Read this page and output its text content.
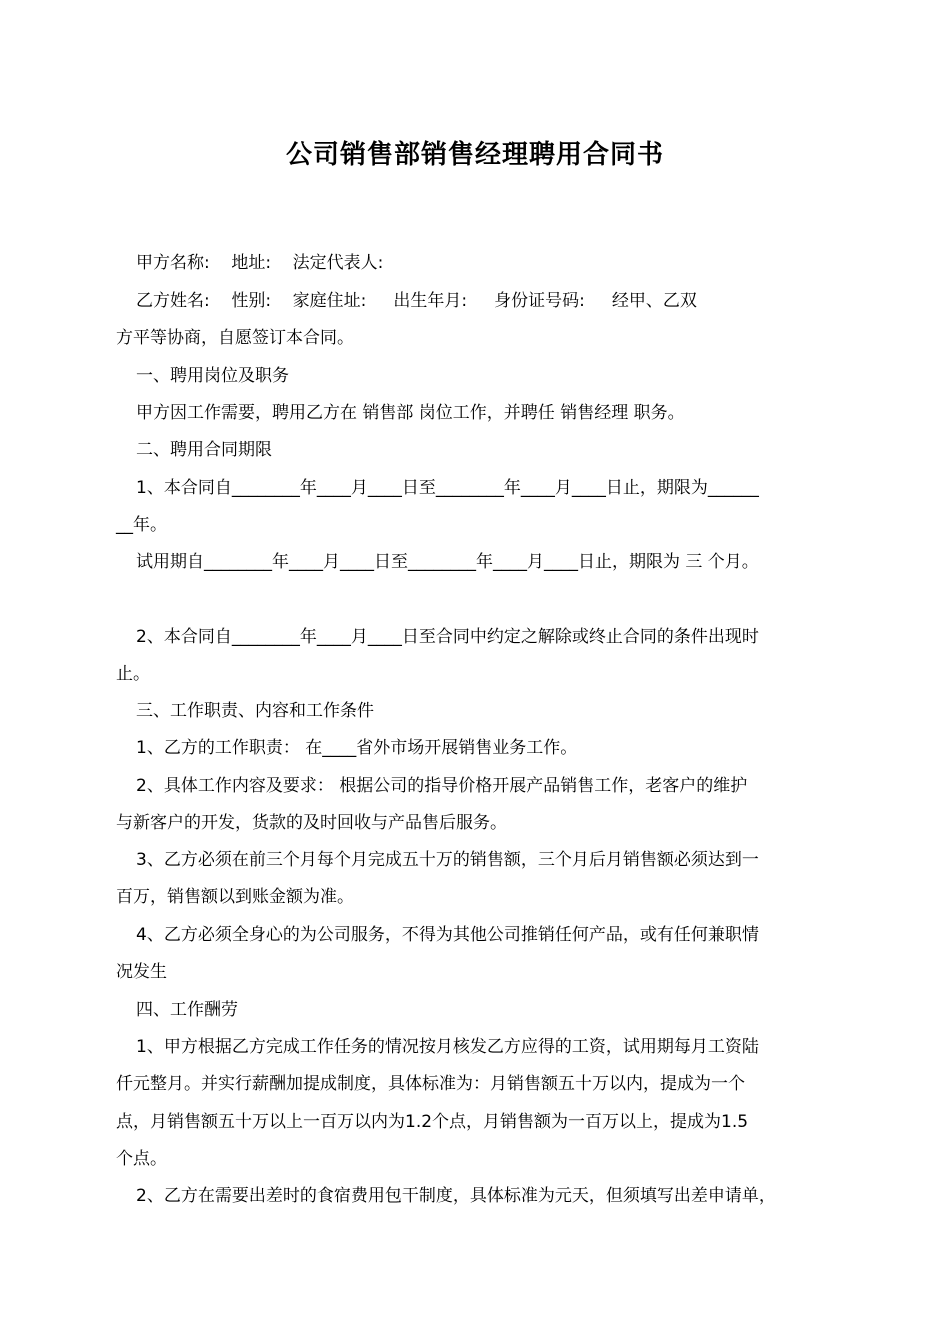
公司销售部销售经理聘用合同书
甲方名称:    地址:    法定代表人:
乙方姓名:    性别:    家庭住址:     出生年月:     身份证号码:     经甲、乙双
方平等协商，自愿签订本合同。
一、聘用岗位及职务
甲方因工作需要，聘用乙方在 销售部 岗位工作，并聘任 销售经理 职务。
二、聘用合同期限
1、本合同自________年____月____日至________年____月____日止，期限为______
__年。
试用期自________年____月____日至________年____月____日止，期限为 三 个月。
2、本合同自________年____月____日至合同中约定之解除或终止合同的条件出现时
止。
三、工作职责、内容和工作条件
1、乙方的工作职责： 在____省外市场开展销售业务工作。
2、具体工作内容及要求： 根据公司的指导价格开展产品销售工作，老客户的维护
与新客户的开发，货款的及时回收与产品售后服务。
3、乙方必须在前三个月每个月完成五十万的销售额，三个月后月销售额必须达到一
百万，销售额以到账金额为准。
4、乙方必须全身心的为公司服务，不得为其他公司推销任何产品，或有任何兼职情
况发生
四、工作酬劳
1、甲方根据乙方完成工作任务的情况按月核发乙方应得的工资，试用期每月工资陆
仟元整月。并实行薪酬加提成制度，具体标准为：月销售额五十万以内，提成为一个
点，月销售额五十万以上一百万以内为1.2个点，月销售额为一百万以上，提成为1.5
个点。
2、乙方在需要出差时的食宿费用包干制度，具体标准为元天，但须填写出差申请单，
